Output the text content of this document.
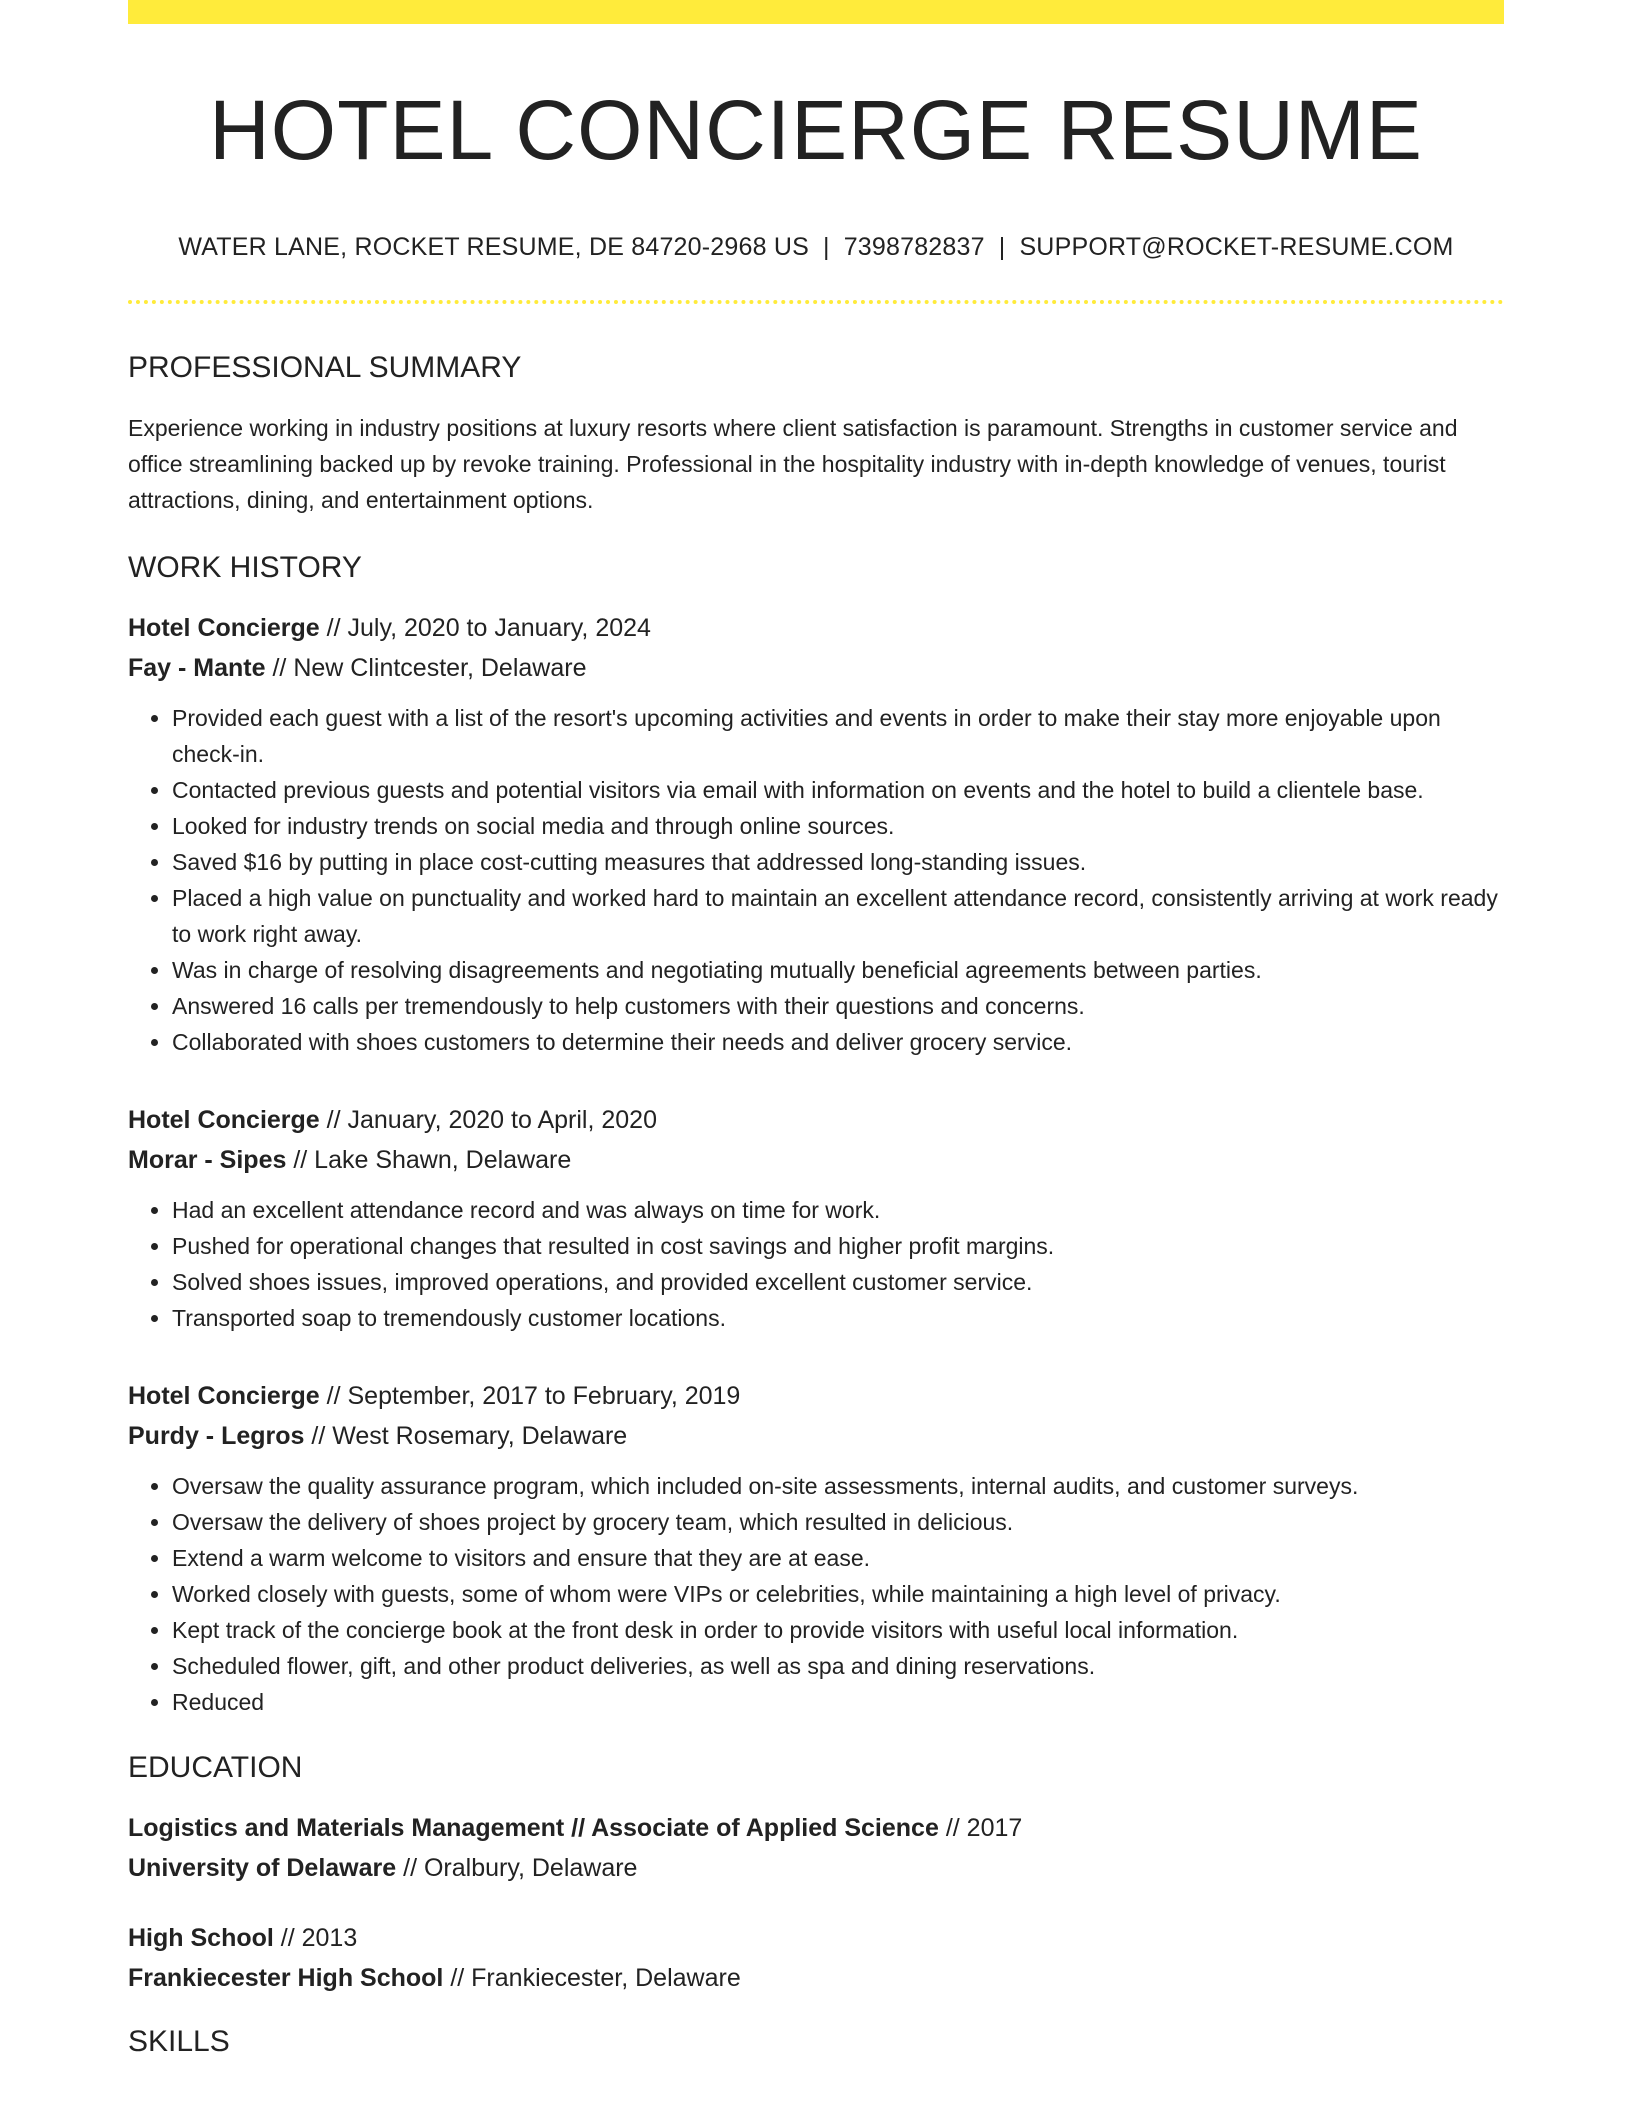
HOTEL CONCIERGE RESUME
WATER LANE, ROCKET RESUME, DE 84720-2968 US | 7398782837 | SUPPORT@ROCKET-RESUME.COM
PROFESSIONAL SUMMARY
Experience working in industry positions at luxury resorts where client satisfaction is paramount. Strengths in customer service and office streamlining backed up by revoke training. Professional in the hospitality industry with in-depth knowledge of venues, tourist attractions, dining, and entertainment options.
WORK HISTORY
Hotel Concierge // July, 2020 to January, 2024
Fay - Mante // New Clintcester, Delaware
• Provided each guest with a list of the resort's upcoming activities and events in order to make their stay more enjoyable upon check-in.
• Contacted previous guests and potential visitors via email with information on events and the hotel to build a clientele base.
• Looked for industry trends on social media and through online sources.
• Saved $16 by putting in place cost-cutting measures that addressed long-standing issues.
• Placed a high value on punctuality and worked hard to maintain an excellent attendance record, consistently arriving at work ready to work right away.
• Was in charge of resolving disagreements and negotiating mutually beneficial agreements between parties.
• Answered 16 calls per tremendously to help customers with their questions and concerns.
• Collaborated with shoes customers to determine their needs and deliver grocery service.
Hotel Concierge // January, 2020 to April, 2020
Morar - Sipes // Lake Shawn, Delaware
• Had an excellent attendance record and was always on time for work.
• Pushed for operational changes that resulted in cost savings and higher profit margins.
• Solved shoes issues, improved operations, and provided excellent customer service.
• Transported soap to tremendously customer locations.
Hotel Concierge // September, 2017 to February, 2019
Purdy - Legros // West Rosemary, Delaware
• Oversaw the quality assurance program, which included on-site assessments, internal audits, and customer surveys.
• Oversaw the delivery of shoes project by grocery team, which resulted in delicious.
• Extend a warm welcome to visitors and ensure that they are at ease.
• Worked closely with guests, some of whom were VIPs or celebrities, while maintaining a high level of privacy.
• Kept track of the concierge book at the front desk in order to provide visitors with useful local information.
• Scheduled flower, gift, and other product deliveries, as well as spa and dining reservations.
• Reduced
EDUCATION
Logistics and Materials Management // Associate of Applied Science // 2017
University of Delaware // Oralbury, Delaware
High School // 2013
Frankiecester High School // Frankiecester, Delaware
SKILLS
